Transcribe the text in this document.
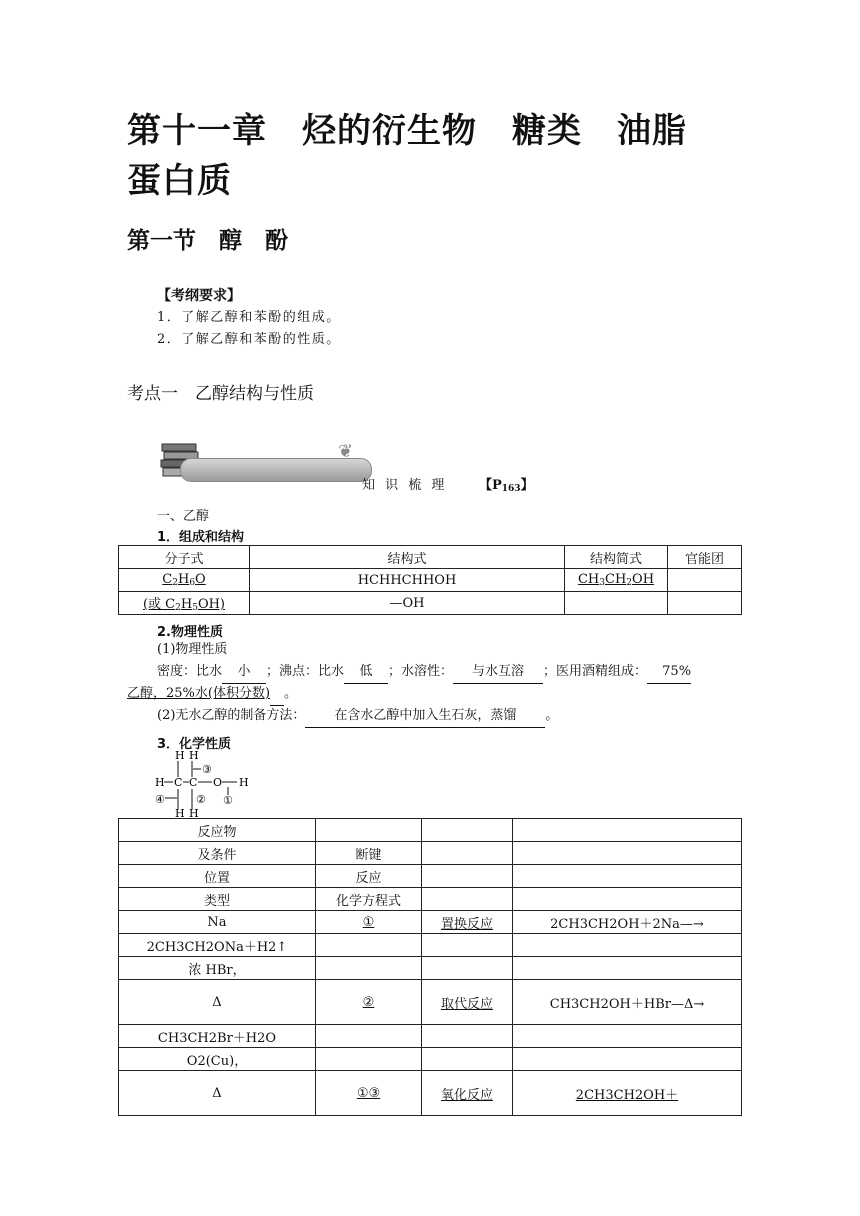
第十一章　烃的衍生物　糖类　油脂
蛋白质
第一节　醇　酚
【考纲要求】
1．了解乙醇和苯酚的组成。
2．了解乙醇和苯酚的性质。
考点一　乙醇结构与性质
❦
知 识 梳 理 【$P_{163}$】
一、乙醇
1．组成和结构
分子式	结构式	结构简式	官能团
$C_2H_6O$	HCHHCHHOH	$CH_3CH_2OH$	
(或 $C_2H_5OH$)	—OH		
2.物理性质
(1)物理性质
密度：比水 小 ；沸点：比水 低 ；水溶性： 与水互溶 ；医用酒精组成： 75%
乙醇，25%水(体积分数) 。
(2)无水乙醇的制备方法： 在含水乙醇中加入生石灰，蒸馏 。
3．化学性质
H H
③
H C C O H
④	② ①
H H
反应物			
及条件	断键		
位置	反应		
类型	化学方程式		
Na	①	置换反应	2CH3CH2OH＋2Na—→
2CH3CH2ONa＋H2↑			
浓 HBr，			
Δ	②	取代反应	CH3CH2OH＋HBr—Δ→
CH3CH2Br＋H2O			
O2(Cu)，			
Δ	①③	氧化反应	2CH3CH2OH＋
